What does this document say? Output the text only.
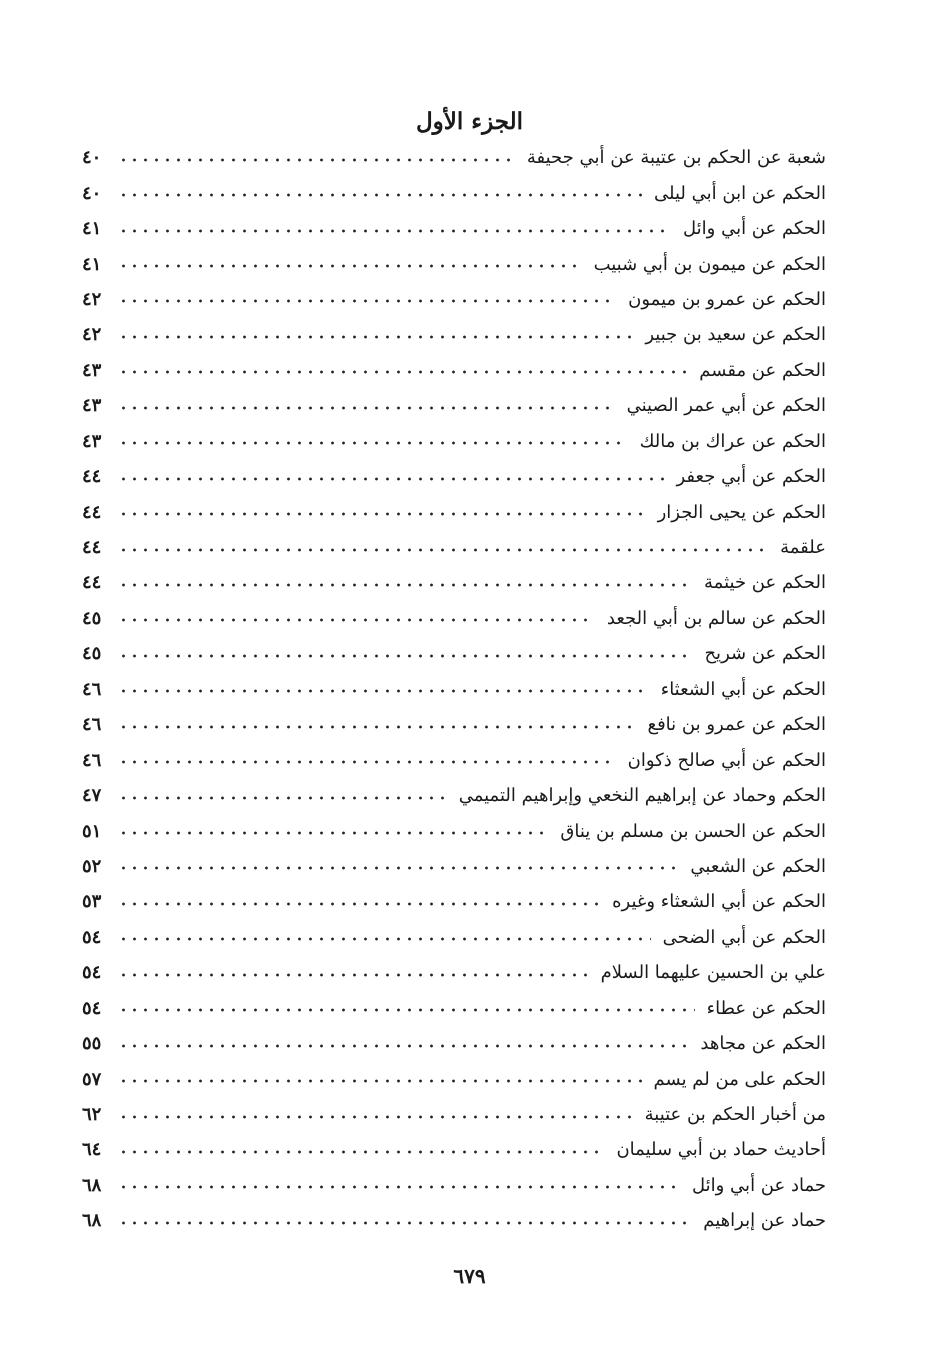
الجزء الأول
شعبة عن الحكم بن عتيبة عن أبي جحيفة
٤٠
الحكم عن ابن أبي ليلى
٤٠
الحكم عن أبي وائل
٤١
الحكم عن ميمون بن أبي شبيب
٤١
الحكم عن عمرو بن ميمون
٤٢
الحكم عن سعيد بن جبير
٤٢
الحكم عن مقسم
٤٣
الحكم عن أبي عمر الصيني
٤٣
الحكم عن عراك بن مالك
٤٣
الحكم عن أبي جعفر
٤٤
الحكم عن يحيى الجزار
٤٤
علقمة
٤٤
الحكم عن خيثمة
٤٤
الحكم عن سالم بن أبي الجعد
٤٥
الحكم عن شريح
٤٥
الحكم عن أبي الشعثاء
٤٦
الحكم عن عمرو بن نافع
٤٦
الحكم عن أبي صالح ذكوان
٤٦
الحكم وحماد عن إبراهيم النخعي وإبراهيم التميمي
٤٧
الحكم عن الحسن بن مسلم بن يناق
٥١
الحكم عن الشعبي
٥٢
الحكم عن أبي الشعثاء وغيره
٥٣
الحكم عن أبي الضحى
٥٤
علي بن الحسين عليهما السلام
٥٤
الحكم عن عطاء
٥٤
الحكم عن مجاهد
٥٥
الحكم على من لم يسم
٥٧
من أخبار الحكم بن عتيبة
٦٢
أحاديث حماد بن أبي سليمان
٦٤
حماد عن أبي وائل
٦٨
حماد عن إبراهيم
٦٨
٦٧٩
